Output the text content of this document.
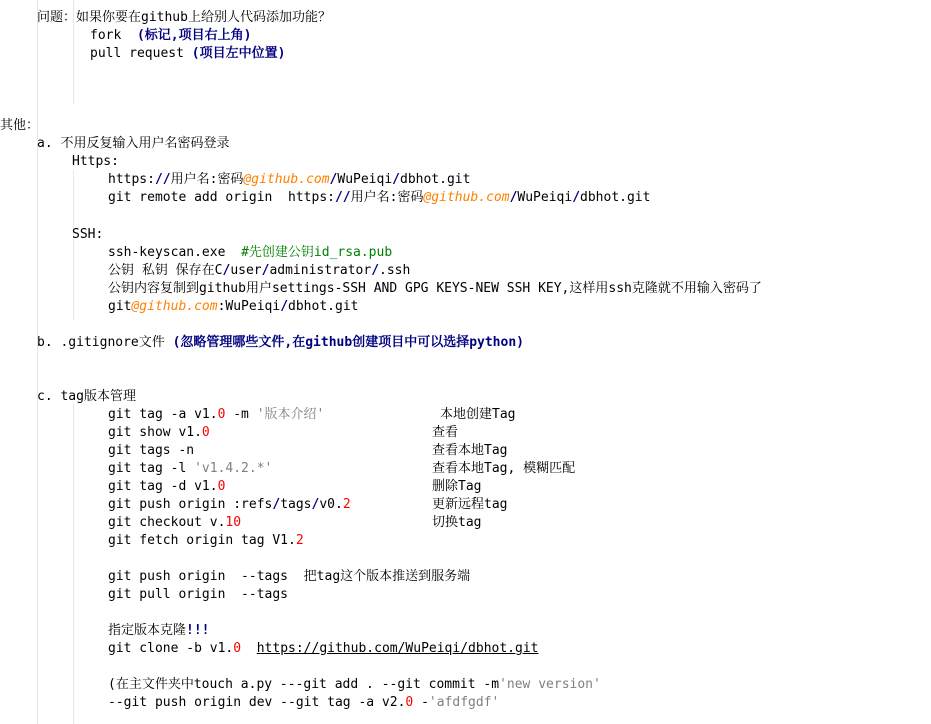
问题：如果你要在github上给别人代码添加功能？
fork (标记,项目右上角)
pull request (项目左中位置)
其他：
a. 不用反复输入用户名密码登录
Https:
https://用户名:密码@github.com/WuPeiqi/dbhot.git
git remote add origin  https://用户名:密码@github.com/WuPeiqi/dbhot.git
SSH:
ssh-keyscan.exe #先创建公钥id_rsa.pub
公钥 私钥 保存在C/user/administrator/.ssh
公钥内容复制到github用户settings-SSH AND GPG KEYS-NEW SSH KEY,这样用ssh克隆就不用输入密码了
git@github.com:WuPeiqi/dbhot.git
b. .gitignore文件 (忽略管理哪些文件,在github创建项目中可以选择python)
c. tag版本管理
git tag -a v1.0 -m '版本介绍'	本地创建Tag
git show v1.0	查看
git tags -n	查看本地Tag
git tag -l 'v1.4.2.*'	查看本地Tag, 模糊匹配
git tag -d v1.0	删除Tag
git push origin :refs/tags/v0.2	更新远程tag
git checkout v.10	切换tag
git fetch origin tag V1.2
git push origin  --tags  把tag这个版本推送到服务端
git pull origin  --tags
指定版本克隆!!!
git clone -b v1.0 https://github.com/WuPeiqi/dbhot.git
(在主文件夹中touch a.py ---git add . --git commit -m'new version'
--git push origin dev --git tag -a v2.0 -'afdfgdf'
